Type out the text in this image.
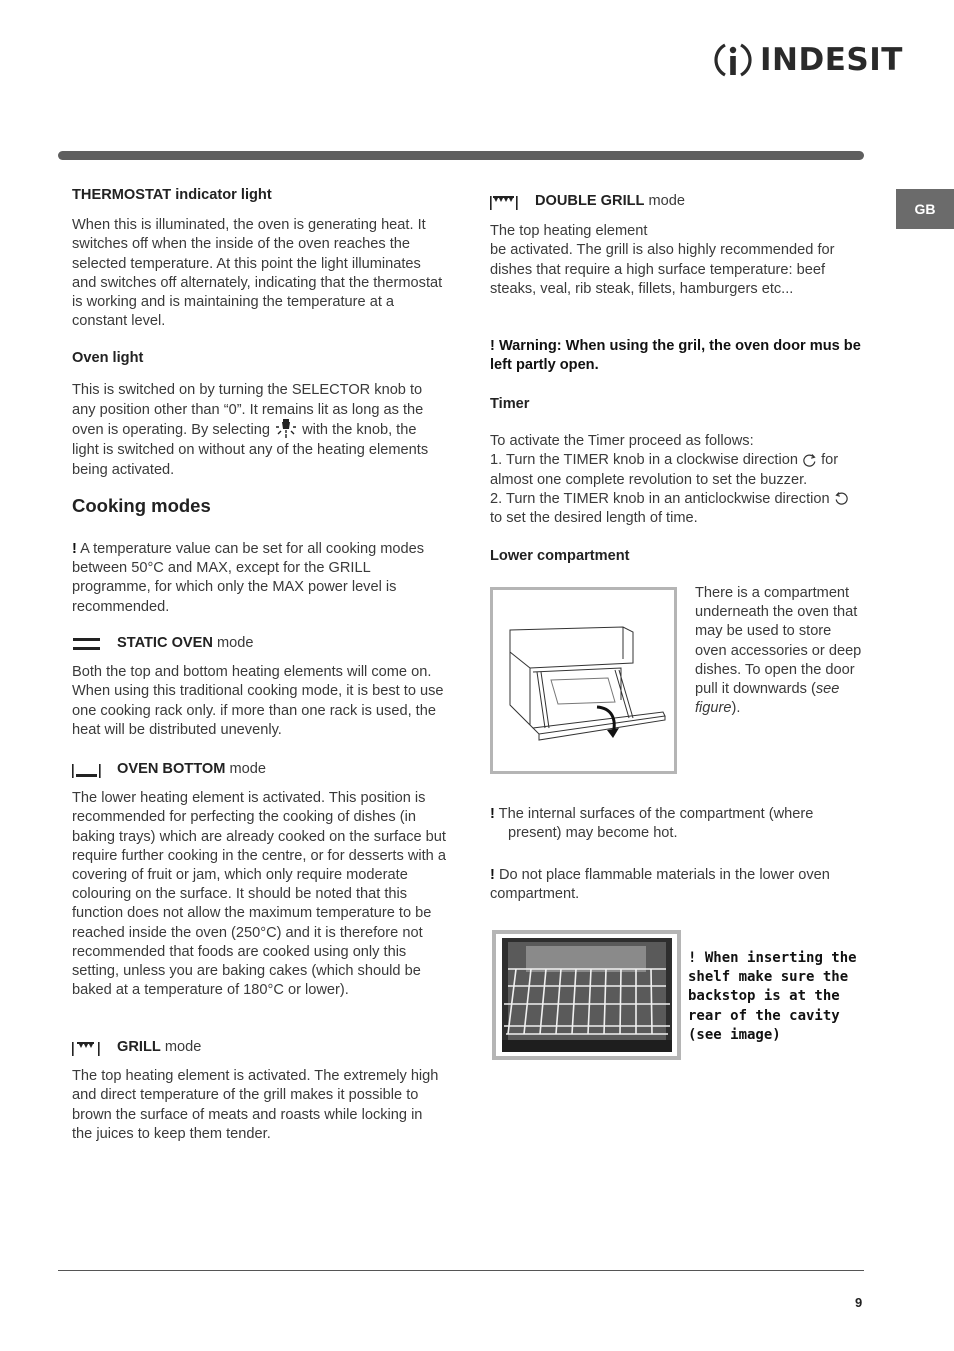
INDESIT
GB

THERMOSTAT indicator light

When this is illuminated, the oven is generating heat. It switches off when the inside of the oven reaches the selected temperature. At this point the light illuminates and switches off alternately, indicating that the thermostat is working and is maintaining the temperature at a constant level.

Oven light

This is switched on by turning the SELECTOR knob to any position other than “0”. It remains lit as long as the oven is operating. By selecting with the knob, the light is switched on without any of the heating elements being activated.

Cooking modes

! A temperature value can be set for all cooking modes between 50°C and MAX, except for the GRILL programme, for which only the MAX power level is recommended.

STATIC OVEN mode

Both the top and bottom heating elements will come on. When using this traditional cooking mode, it is best to use one cooking rack only. if more than one rack is used, the heat will be distributed unevenly.

OVEN BOTTOM mode

The lower heating element is activated. This position is recommended for perfecting the cooking of dishes (in baking trays) which are already cooked on the surface but require further cooking in the centre, or for desserts with a covering of fruit or jam, which only require moderate colouring on the surface. It should be noted that this function does not allow the maximum temperature to be reached inside the oven (250°C) and it is therefore not recommended that foods are cooked using only this setting, unless you are baking cakes (which should be baked at a temperature of 180°C or lower).

GRILL mode

The top heating element is activated. The extremely high and direct temperature of the grill makes it possible to brown the surface of meats and roasts while locking in the juices to keep them tender.

DOUBLE GRILL mode

The top heating element

be activated. The grill is also highly recommended for dishes that require a high surface temperature: beef steaks, veal, rib steak, fillets, hamburgers etc...

! Warning: When using the gril, the oven door mus be left partly open.

Timer

To activate the Timer proceed as follows:

1. Turn the TIMER knob in a clockwise direction for almost one complete revolution to set the buzzer.

2. Turn the TIMER knob in an anticlockwise direction  to set the desired length of time.

Lower compartment
There is a compartment underneath the oven that may be used to store oven accessories or deep dishes. To open the door pull it downwards (see figure).

! The internal surfaces of the compartment (where

present) may become hot.

! Do not place flammable materials in the lower oven compartment.

! When inserting the shelf make sure the backstop is at the rear of the cavity (see image)
9
